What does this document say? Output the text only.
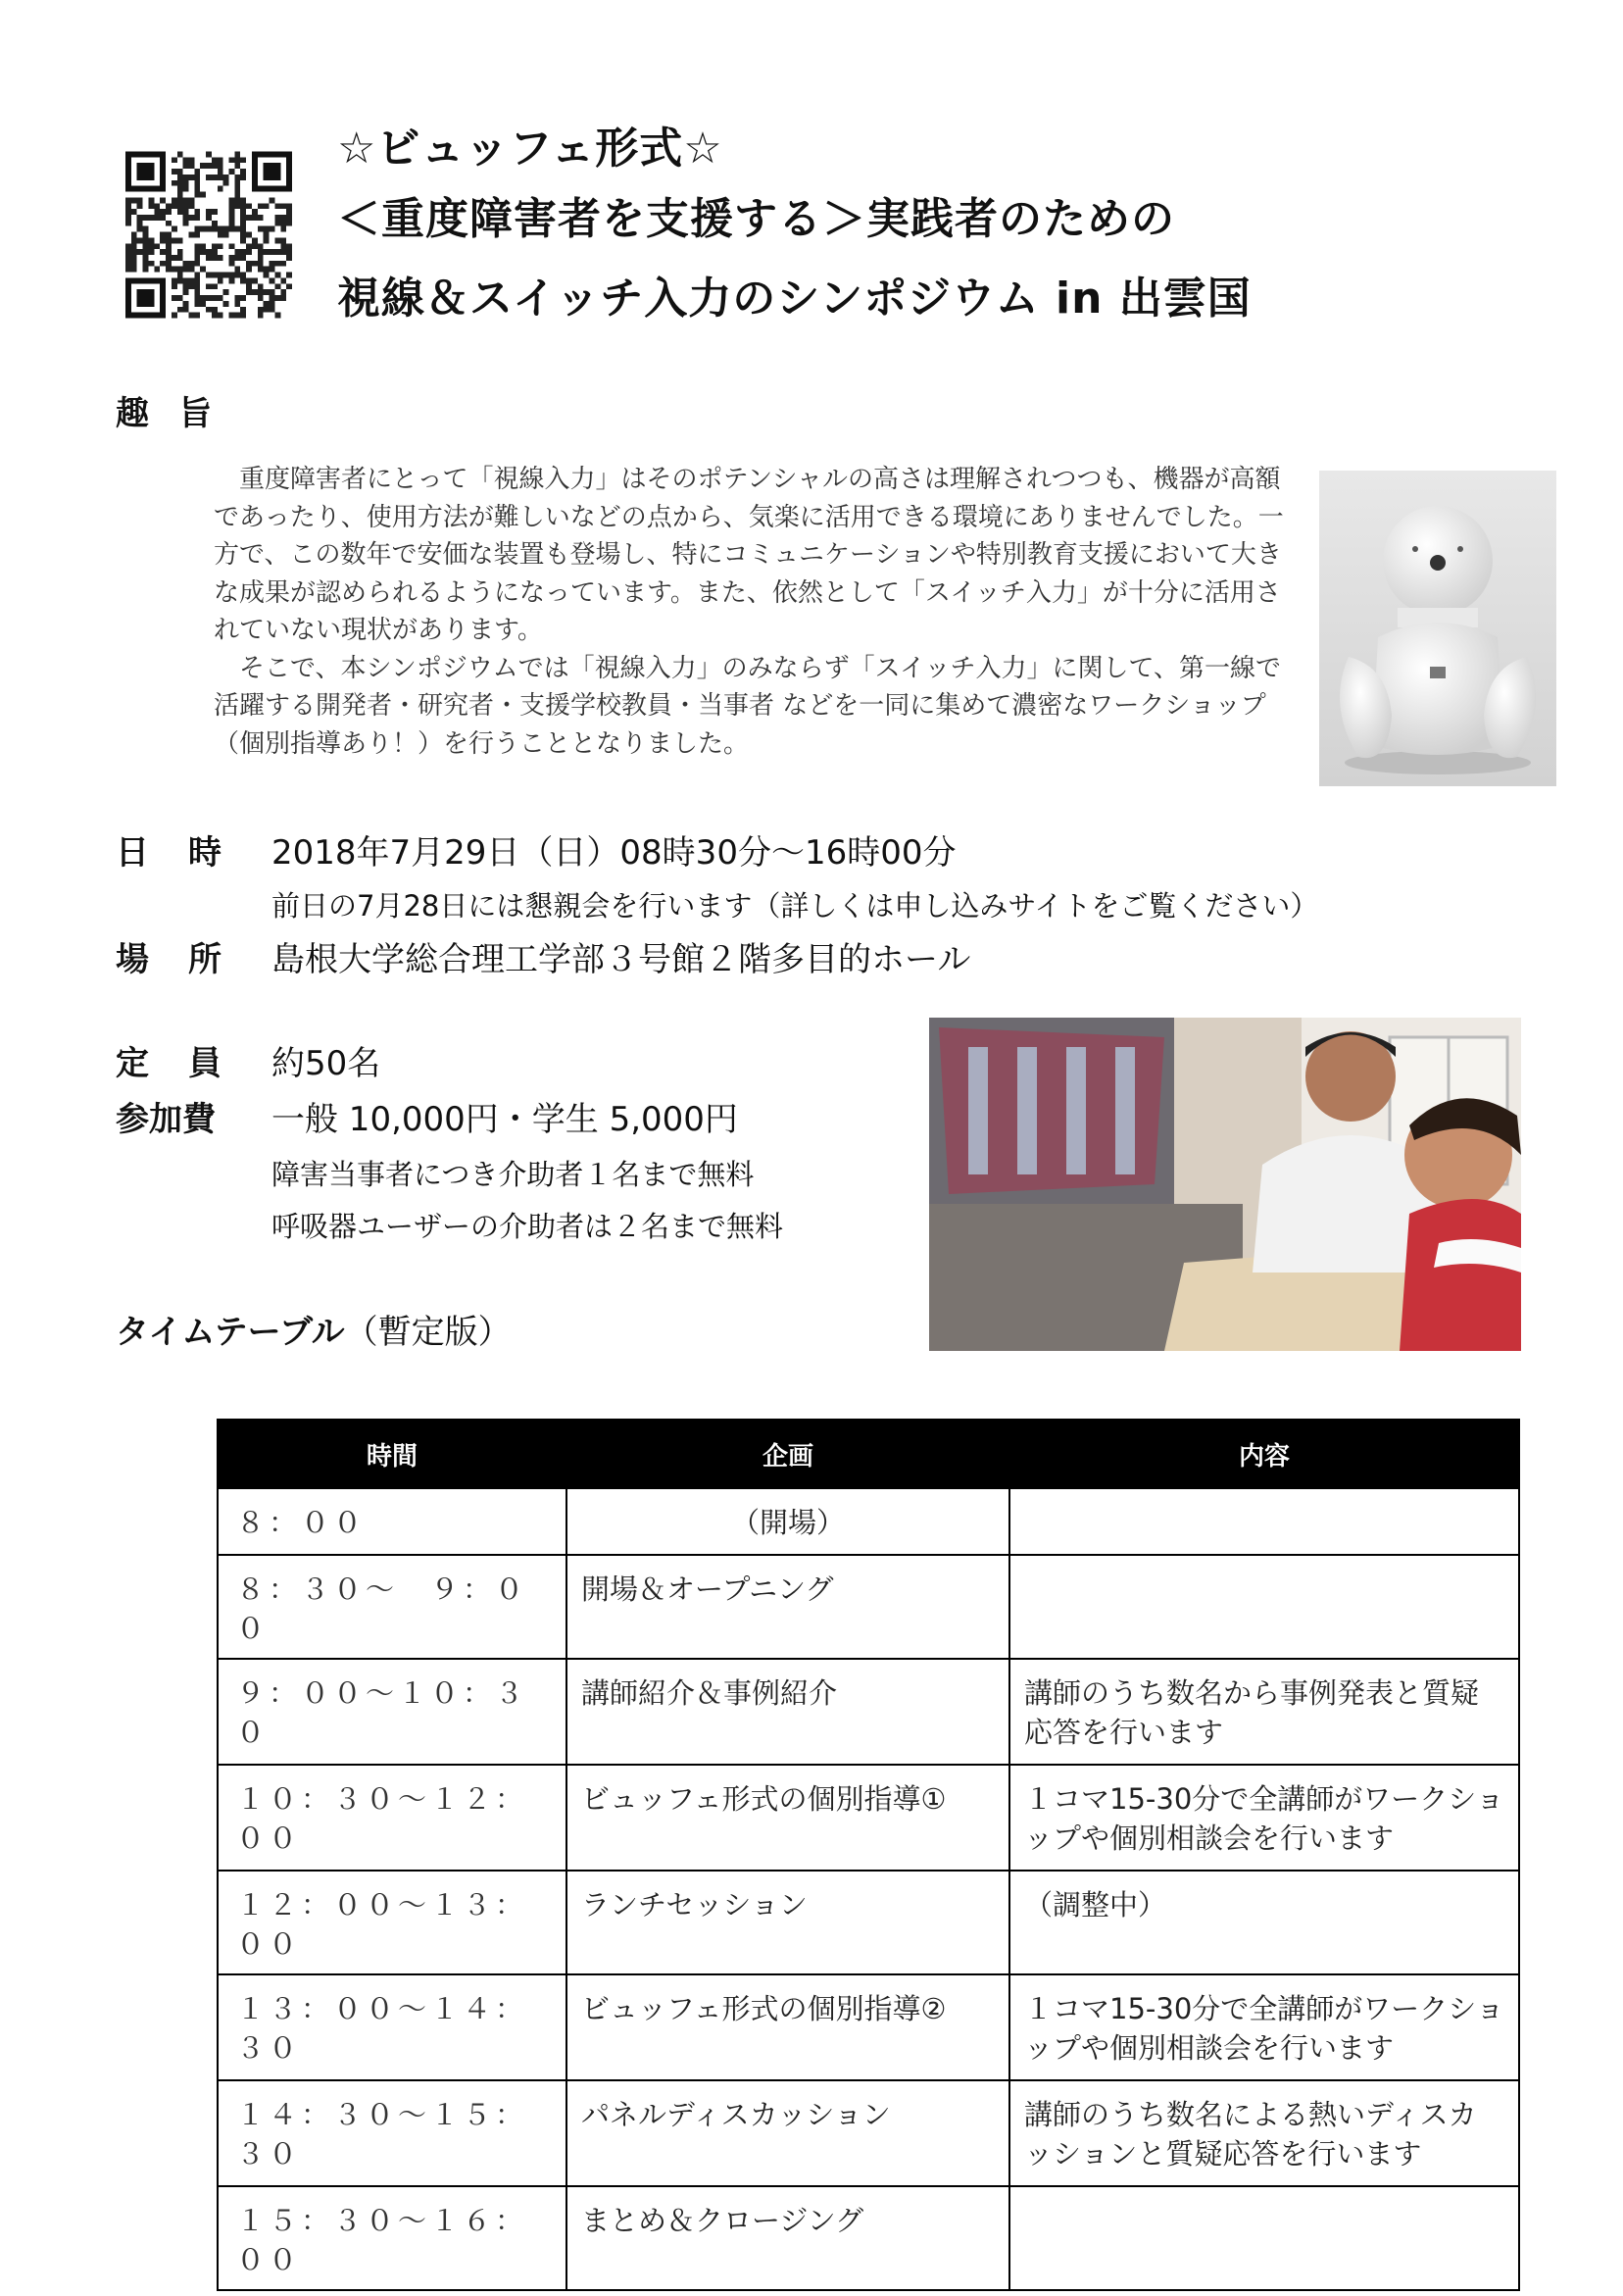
☆ビュッフェ形式☆
＜重度障害者を支援する＞実践者のための
視線＆スイッチ入力のシンポジウム in 出雲国
趣旨

　重度障害者にとって「視線入力」はそのポテンシャルの高さは理解されつつも、機器が高額であったり、使用方法が難しいなどの点から、気楽に活用できる環境にありませんでした。一方で、この数年で安価な装置も登場し、特にコミュニケーションや特別教育支援において大きな成果が認められるようになっています。また、依然として「スイッチ入力」が十分に活用されていない現状があります。

　そこで、本シンポジウムでは「視線入力」のみならず「スイッチ入力」に関して、第一線で活躍する開発者・研究者・支援学校教員・当事者 などを一同に集めて濃密なワークショップ（個別指導あり！）を行うこととなりました。

日時 2018年7月29日（日）08時30分～16時00分
前日の7月28日には懇親会を行います（詳しくは申し込みサイトをご覧ください）
場所 島根大学総合理工学部３号館２階多目的ホール
定員 約50名
参加費 一般 10,000円・学生 5,000円
障害当事者につき介助者１名まで無料
呼吸器ユーザーの介助者は２名まで無料
タイムテーブル（暫定版）
時間	企画	内容
８：００	（開場）	
８：３０～　９：００	開場＆オープニング	
９：００～１０：３０	講師紹介＆事例紹介	講師のうち数名から事例発表と質疑応答を行います
１０：３０～１２：００	ビュッフェ形式の個別指導①	１コマ15-30分で全講師がワークショップや個別相談会を行います
１２：００～１３：００	ランチセッション	（調整中）
１３：００～１４：３０	ビュッフェ形式の個別指導②	１コマ15-30分で全講師がワークショップや個別相談会を行います
１４：３０～１５：３０	パネルディスカッション	講師のうち数名による熱いディスカッションと質疑応答を行います
１５：３０～１６：００	まとめ＆クロージング	
